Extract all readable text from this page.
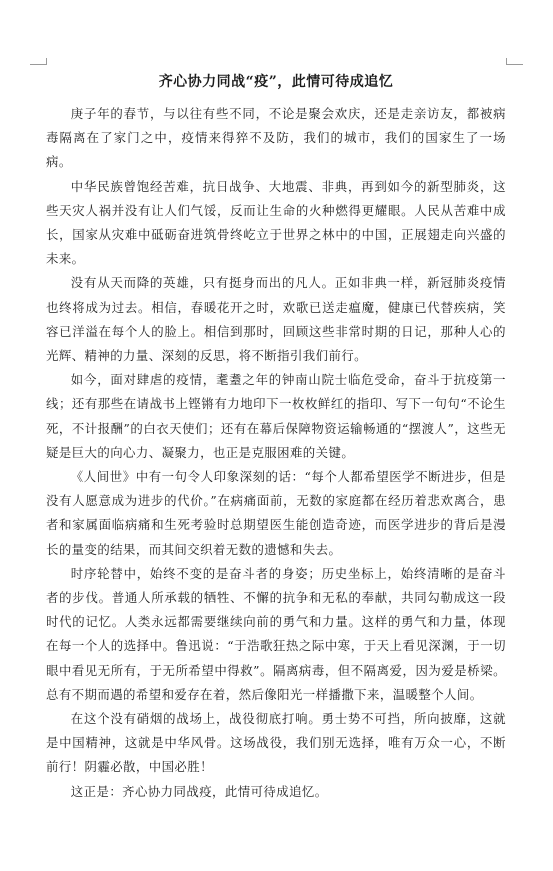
齐心协力同战“疫”，此情可待成追忆

庚子年的春节，与以往有些不同，不论是聚会欢庆，还是走亲访友，都被病毒隔离在了家门之中，疫情来得猝不及防，我们的城市，我们的国家生了一场病。

中华民族曾饱经苦难，抗日战争、大地震、非典，再到如今的新型肺炎，这些天灾人祸并没有让人们气馁，反而让生命的火种燃得更耀眼。人民从苦难中成长，国家从灾难中砥砺奋进筑骨终屹立于世界之林中的中国，正展翅走向兴盛的未来。

没有从天而降的英雄，只有挺身而出的凡人。正如非典一样，新冠肺炎疫情也终将成为过去。相信，春暖花开之时，欢歌已送走瘟魔，健康已代替疾病，笑容已洋溢在每个人的脸上。相信到那时，回顾这些非常时期的日记，那种人心的光辉、精神的力量、深刻的反思，将不断指引我们前行。

如今，面对肆虐的疫情，耄耋之年的钟南山院士临危受命，奋斗于抗疫第一线；还有那些在请战书上铿锵有力地印下一枚枚鲜红的指印、写下一句句“不论生死，不计报酬”的白衣天使们；还有在幕后保障物资运输畅通的“摆渡人”，这些无疑是巨大的向心力、凝聚力，也正是克服困难的关键。

《人间世》中有一句令人印象深刻的话：“每个人都希望医学不断进步，但是没有人愿意成为进步的代价。”在病痛面前，无数的家庭都在经历着悲欢离合，患者和家属面临病痛和生死考验时总期望医生能创造奇迹，而医学进步的背后是漫长的量变的结果，而其间交织着无数的遗憾和失去。

时序轮替中，始终不变的是奋斗者的身姿；历史坐标上，始终清晰的是奋斗者的步伐。普通人所承载的牺牲、不懈的抗争和无私的奉献，共同勾勒成这一段时代的记忆。人类永远都需要继续向前的勇气和力量。这样的勇气和力量，体现在每一个人的选择中。鲁迅说：“于浩歌狂热之际中寒，于天上看见深渊，于一切眼中看见无所有，于无所希望中得救”。隔离病毒，但不隔离爱，因为爱是桥梁。总有不期而遇的希望和爱存在着，然后像阳光一样播撒下来，温暖整个人间。

在这个没有硝烟的战场上，战役彻底打响。勇士势不可挡，所向披靡，这就是中国精神，这就是中华风骨。这场战役，我们别无选择，唯有万众一心，不断前行！阴霾必散，中国必胜！

这正是：齐心协力同战疫，此情可待成追忆。
